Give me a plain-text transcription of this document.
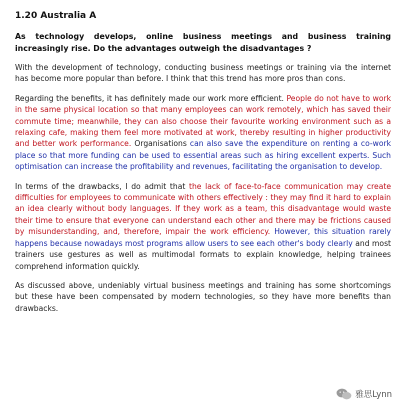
1.20 Australia A
As technology develops, online business meetings and business training increasingly rise. Do the advantages outweigh the disadvantages ?

With the development of technology, conducting business meetings or training via the internet has become more popular than before. I think that this trend has more pros than cons.

Regarding the benefits, it has definitely made our work more efficient. People do not have to work in the same physical location so that many employees can work remotely, which has saved their commute time; meanwhile, they can also choose their favourite working environment such as a relaxing cafe, making them feel more motivated at work, thereby resulting in higher productivity and better work performance. Organisations can also save the expenditure on renting a co-work place so that more funding can be used to essential areas such as hiring excellent experts. Such optimisation can increase the profitability and revenues, facilitating the organisation to develop.

In terms of the drawbacks, I do admit that the lack of face-to-face communication may create difficulties for employees to communicate with others effectively : they may find it hard to explain an idea clearly without body languages. If they work as a team, this disadvantage would waste their time to ensure that everyone can understand each other and there may be frictions caused by misunderstanding, and, therefore, impair the work efficiency. However, this situation rarely happens because nowadays most programs allow users to see each other's body clearly and most trainers use gestures as well as multimodal formats to explain knowledge, helping trainees comprehend information quickly.

As discussed above, undeniably virtual business meetings and training has some shortcomings but these have been compensated by modern technologies, so they have more benefits than drawbacks.

雅思Lynn
